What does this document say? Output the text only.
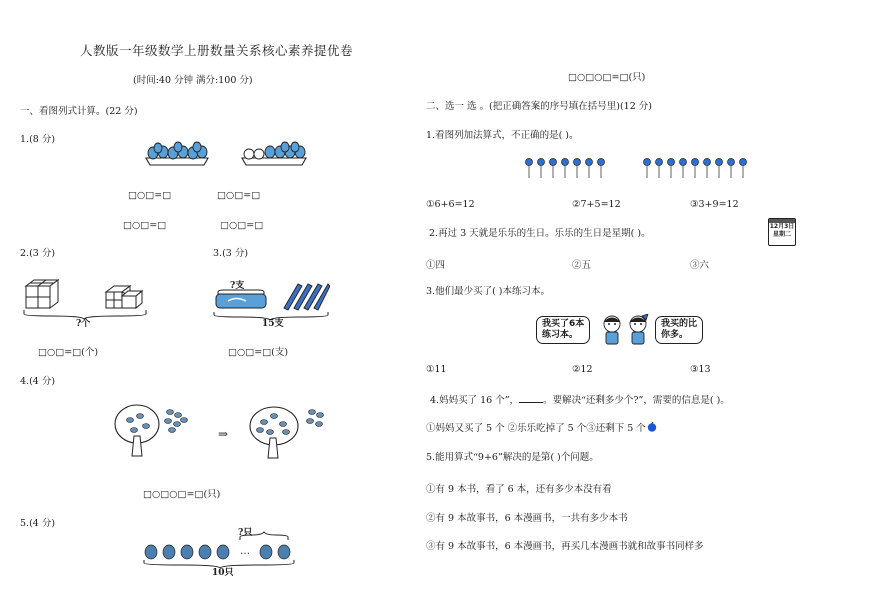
人教版一年级数学上册数量关系核心素养提优卷
(时间:40 分钟 满分:100 分)
一、看图列式计算。(22 分)
1.(8 分)
□○□=□	□○□=□
□○□=□	□○□=□
2.(3 分)	3.(3 分)
?个
?支
15支
□○□=□(个)	□○□=□(支)
4.(4 分)
⇒
□○□○□=□(只)
5.(4 分)
?只
…
10只
□○□○□=□(只)
二、选一 选 。(把正确答案的序号填在括号里)(12 分)
1.看图列加法算式，不正确的是( )。
①6+6=12	②7+5=12	③3+9=12
2.再过 3 天就是乐乐的生日。乐乐的生日是星期( )。
12月3日
星期二
①四	②五	③六
3.他们最少买了( )本练习本。
我买了6本
练习本。
我买的比
你多。
①11	②12	③13
4.妈妈买了 16 个”，	。要解决“还剩多少个?”，需要的信息是( )。
①妈妈又买了 5 个 ②乐乐吃掉了 5 个③还剩下 5 个
5.能用算式“9+6”解决的是第( )个问题。
①有 9 本书，看了 6 本，还有多少本没有看
②有 9 本故事书，6 本漫画书，一共有多少本书
③有 9 本故事书，6 本漫画书，再买几本漫画书就和故事书同样多
